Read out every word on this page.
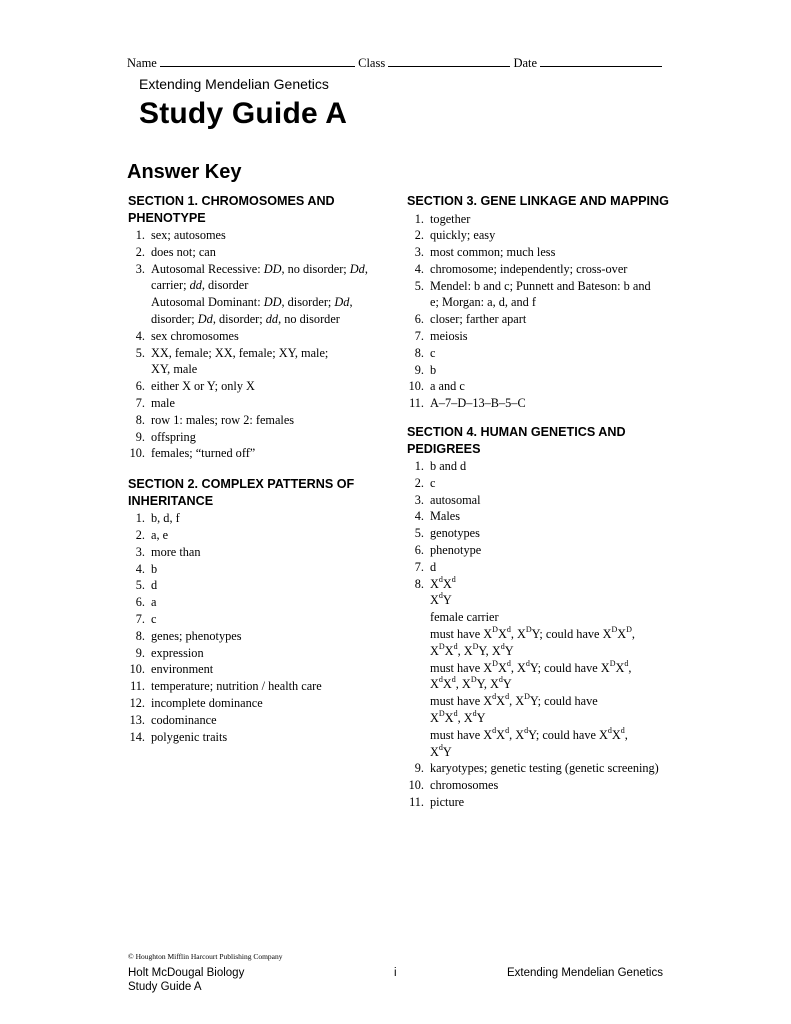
Name	Class	Date
Extending Mendelian Genetics
Study Guide A
Answer Key
SECTION 1. CHROMOSOMES AND PHENOTYPE
1. sex; autosomes
2. does not; can
3. Autosomal Recessive: DD, no disorder; Dd,
carrier; dd, disorder
Autosomal Dominant: DD, disorder; Dd,
disorder; Dd, disorder; dd, no disorder
4. sex chromosomes
5. XX, female; XX, female; XY, male;
XY, male
6. either X or Y; only X
7. male
8. row 1: males; row 2: females
9. offspring
10. females; “turned off”
SECTION 2. COMPLEX PATTERNS OF INHERITANCE
1. b, d, f
2. a, e
3. more than
4. b
5. d
6. a
7. c
8. genes; phenotypes
9. expression
10. environment
11. temperature; nutrition / health care
12. incomplete dominance
13. codominance
14. polygenic traits
SECTION 3. GENE LINKAGE AND MAPPING
1. together
2. quickly; easy
3. most common; much less
4. chromosome; independently; cross-over
5. Mendel: b and c; Punnett and Bateson: b and
e; Morgan: a, d, and f
6. closer; farther apart
7. meiosis
8. c
9. b
10. a and c
11. A–7–D–13–B–5–C
SECTION 4. HUMAN GENETICS AND PEDIGREES
1. b and d
2. c
3. autosomal
4. Males
5. genotypes
6. phenotype
7. d
8. $X^dX^d$
$X^dY$
female carrier
must have $X^DX^d$, $X^DY$; could have $X^DX^D$,
$X^DX^d$, $X^DY$, $X^dY$
must have $X^DX^d$, $X^dY$; could have $X^DX^d$,
$X^dX^d$, $X^DY$, $X^dY$
must have $X^dX^d$, $X^DY$; could have
$X^DX^d$, $X^dY$
must have $X^dX^d$, $X^dY$; could have $X^dX^d$,
$X^dY$
9. karyotypes; genetic testing (genetic screening)
10. chromosomes
11. picture
© Houghton Mifflin Harcourt Publishing Company
Holt McDougal Biology
Study Guide A
i	Extending Mendelian Genetics
